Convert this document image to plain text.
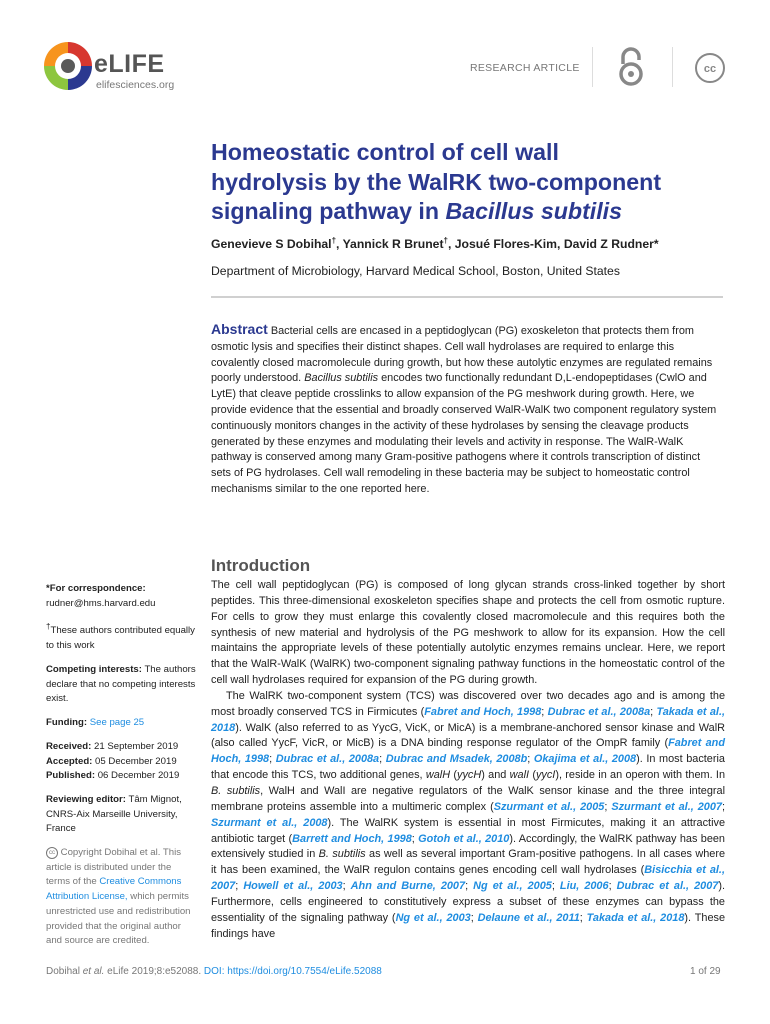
eLIFE
elifesciences.org
RESEARCH ARTICLE	cc
Homeostatic control of cell wall
hydrolysis by the WalRK two-component
signaling pathway in Bacillus subtilis
Genevieve S Dobihal†, Yannick R Brunet†, Josué Flores-Kim, David Z Rudner*
Department of Microbiology, Harvard Medical School, Boston, United States
Abstract Bacterial cells are encased in a peptidoglycan (PG) exoskeleton that protects them from osmotic lysis and specifies their distinct shapes. Cell wall hydrolases are required to enlarge this covalently closed macromolecule during growth, but how these autolytic enzymes are regulated remains poorly understood. Bacillus subtilis encodes two functionally redundant D,L-endopeptidases (CwlO and LytE) that cleave peptide crosslinks to allow expansion of the PG meshwork during growth. Here, we provide evidence that the essential and broadly conserved WalR-WalK two component regulatory system continuously monitors changes in the activity of these hydrolases by sensing the cleavage products generated by these enzymes and modulating their levels and activity in response. The WalR-WalK pathway is conserved among many Gram-positive pathogens where it controls transcription of distinct sets of PG hydrolases. Cell wall remodeling in these bacteria may be subject to homeostatic control mechanisms similar to the one reported here.
*For correspondence:
rudner@hms.harvard.edu
†These authors contributed equally to this work
Competing interests: The authors declare that no competing interests exist.
Funding: See page 25
Received: 21 September 2019
Accepted: 05 December 2019
Published: 06 December 2019
Reviewing editor: Tâm Mignot, CNRS-Aix Marseille University, France
cc Copyright Dobihal et al. This article is distributed under the terms of the Creative Commons Attribution License, which permits unrestricted use and redistribution provided that the original author and source are credited.
Introduction

The cell wall peptidoglycan (PG) is composed of long glycan strands cross-linked together by short peptides. This three-dimensional exoskeleton specifies shape and protects the cell from osmotic rupture. For cells to grow they must enlarge this covalently closed macromolecule and this requires both the synthesis of new material and hydrolysis of the PG meshwork to allow for its expansion. How the cell maintains the appropriate levels of these potentially autolytic enzymes remains unclear. Here, we report that the WalR-WalK (WalRK) two-component signaling pathway functions in the homeostatic control of the cell wall hydrolases required for expansion of the PG during growth.

The WalRK two-component system (TCS) was discovered over two decades ago and is among the most broadly conserved TCS in Firmicutes (Fabret and Hoch, 1998; Dubrac et al., 2008a; Takada et al., 2018). WalK (also referred to as YycG, VicK, or MicA) is a membrane-anchored sensor kinase and WalR (also called YycF, VicR, or MicB) is a DNA binding response regulator of the OmpR family (Fabret and Hoch, 1998; Dubrac et al., 2008a; Dubrac and Msadek, 2008b; Okajima et al., 2008). In most bacteria that encode this TCS, two additional genes, walH (yycH) and walI (yycI), reside in an operon with them. In B. subtilis, WalH and WalI are negative regulators of the WalK sensor kinase and the three integral membrane proteins assemble into a multimeric complex (Szurmant et al., 2005; Szurmant et al., 2007; Szurmant et al., 2008). The WalRK system is essential in most Firmicutes, making it an attractive antibiotic target (Barrett and Hoch, 1998; Gotoh et al., 2010). Accordingly, the WalRK pathway has been extensively studied in B. subtilis as well as several important Gram-positive pathogens. In all cases where it has been examined, the WalR regulon contains genes encoding cell wall hydrolases (Bisicchia et al., 2007; Howell et al., 2003; Ahn and Burne, 2007; Ng et al., 2005; Liu, 2006; Dubrac et al., 2007). Furthermore, cells engineered to constitutively express a subset of these enzymes can bypass the essentiality of the signaling pathway (Ng et al., 2003; Delaune et al., 2011; Takada et al., 2018). These findings have

Dobihal et al. eLife 2019;8:e52088. DOI: https://doi.org/10.7554/eLife.52088	1 of 29
